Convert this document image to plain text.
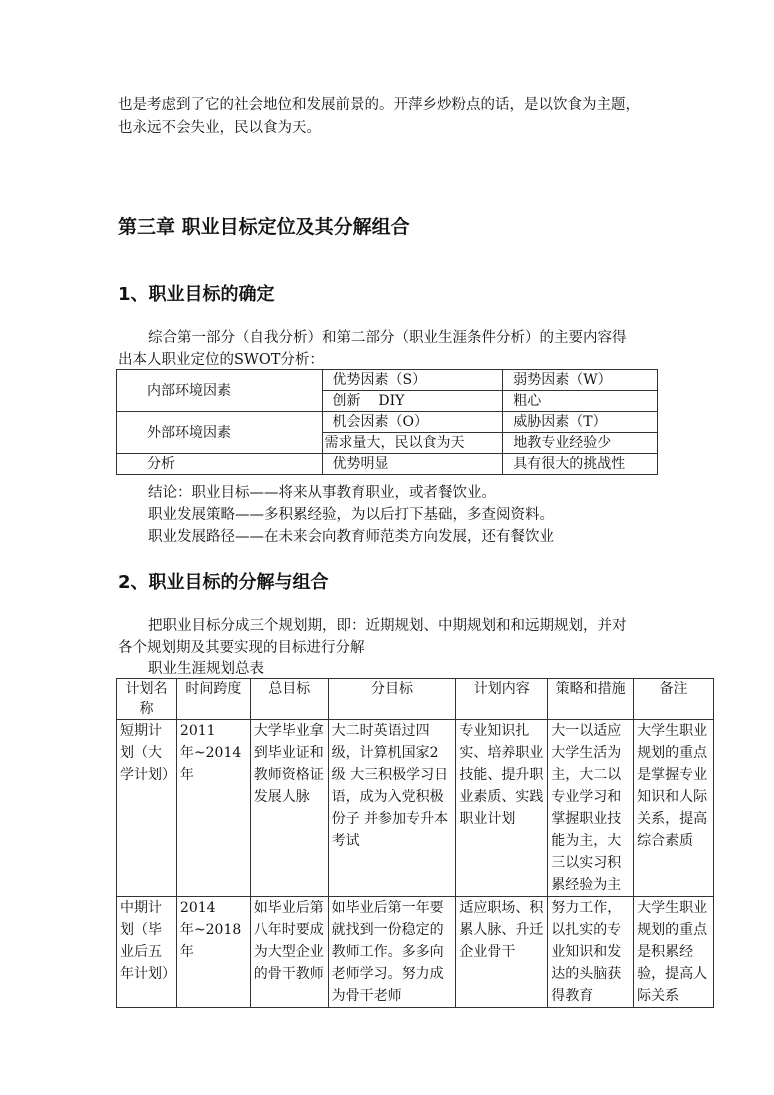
也是考虑到了它的社会地位和发展前景的。开萍乡炒粉点的话，是以饮食为主题，

也永远不会失业，民以食为天。

第三章 职业目标定位及其分解组合
1、职业目标的确定

综合第一部分（自我分析）和第二部分（职业生涯条件分析）的主要内容得

出本人职业定位的SWOT分析：

内部环境因素	优势因素（S）	弱势因素（W）
	创新    DIY	粗心
外部环境因素	机会因素（O）	威胁因素（T）
	需求量大，民以食为天	地教专业经验少
分析	优势明显	具有很大的挑战性

结论：职业目标——将来从事教育职业，或者餐饮业。

职业发展策略——多积累经验，为以后打下基础，多查阅资料。

职业发展路径——在未来会向教育师范类方向发展，还有餐饮业

2、职业目标的分解与组合

把职业目标分成三个规划期，即：近期规划、中期规划和和远期规划，并对

各个规划期及其要实现的目标进行分解

职业生涯规划总表

计划名称	时间跨度	总目标	分目标	计划内容	策略和措施	备注
短期计划（大学计划）	2011    年~2014年	大学毕业拿到毕业证和教师资格证 发展人脉	大二时英语过四级，计算机国家2级 大三积极学习日语，成为入党积极份子 并参加专升本考试	专业知识扎实、培养职业技能、提升职业素质、实践职业计划	大一以适应大学生活为主，大二以专业学习和掌握职业技能为主，大三以实习积累经验为主	大学生职业规划的重点是掌握专业知识和人际关系，提高综合素质
中期计划（毕业后五年计划）	2014    年~2018年	如毕业后第八年时要成为大型企业的骨干教师	如毕业后第一年要就找到一份稳定的教师工作。多多向老师学习。努力成为骨干老师	适应职场、积累人脉、升迁企业骨干	努力工作，以扎实的专业知识和发达的头脑获得教育	大学生职业规划的重点是积累经验，提高人际关系
